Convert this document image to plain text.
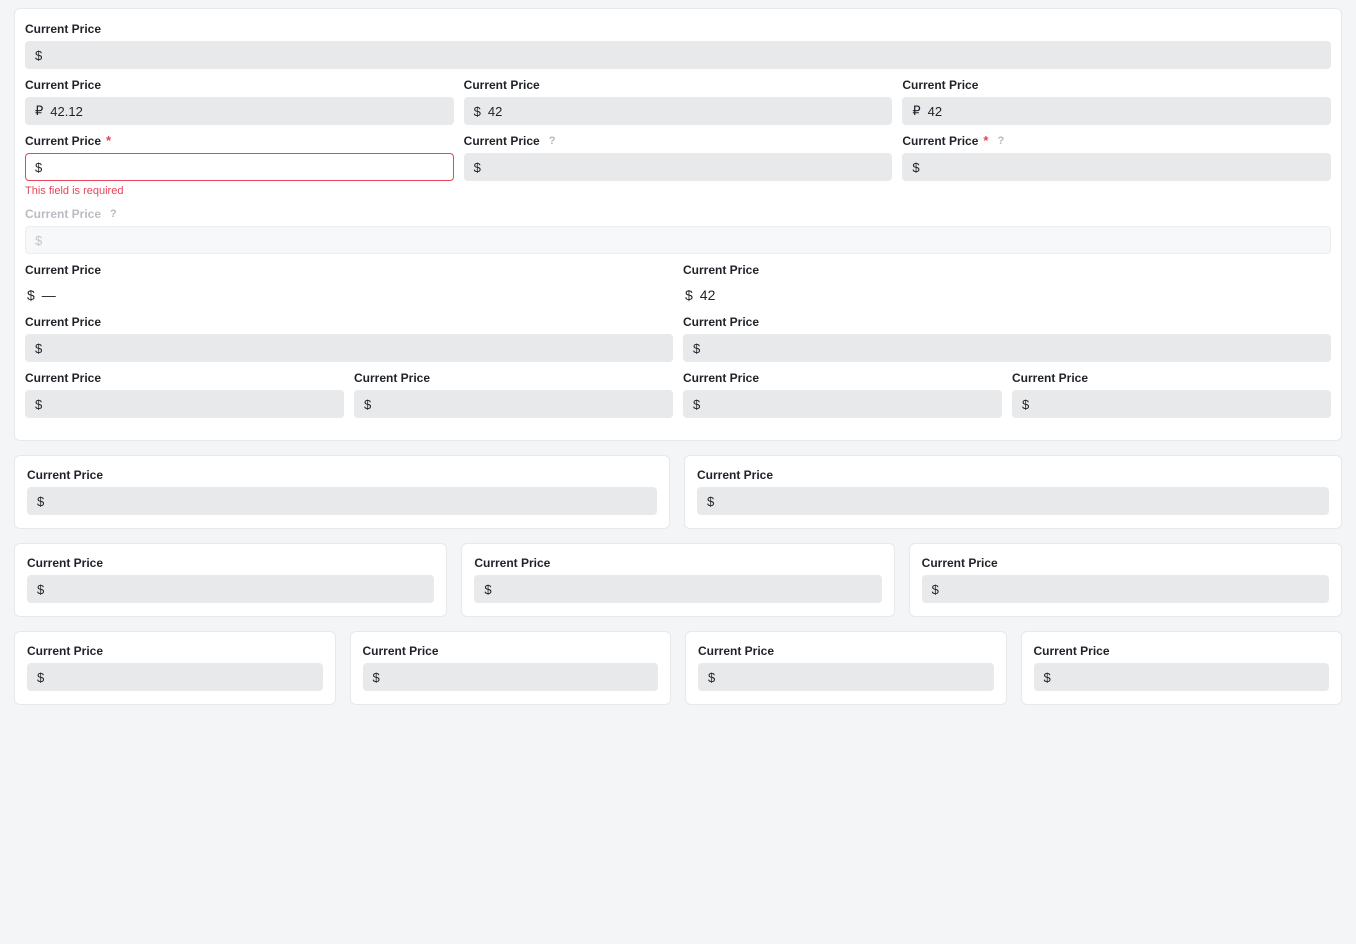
Current Price
$
Current Price
₽ 42.12
Current Price
$ 42
Current Price
₽ 42
Current Price *
$
This field is required
Current Price ?
$
Current Price * ?
$
Current Price ?
$
Current Price
$ —
Current Price
$ 42
Current Price
$
Current Price
$
Current Price
$
Current Price
$
Current Price
$
Current Price
$
Current Price
$
Current Price
$
Current Price
$
Current Price
$
Current Price
$
Current Price
$
Current Price
$
Current Price
$
Current Price
$
